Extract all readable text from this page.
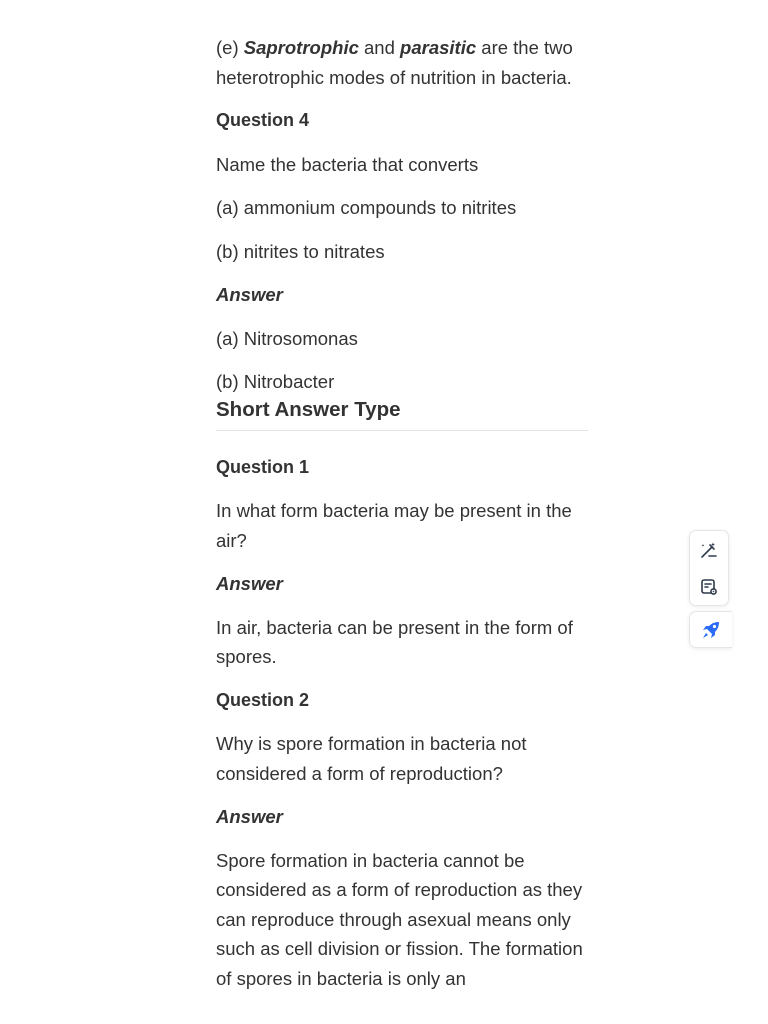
(e) Saprotrophic and parasitic are the two heterotrophic modes of nutrition in bacteria.

Question 4

Name the bacteria that converts

(a) ammonium compounds to nitrites

(b) nitrites to nitrates

Answer

(a) Nitrosomonas

(b) Nitrobacter

Short Answer Type

Question 1

In what form bacteria may be present in the air?

Answer

In air, bacteria can be present in the form of spores.

Question 2

Why is spore formation in bacteria not considered a form of reproduction?

Answer

Spore formation in bacteria cannot be considered as a form of reproduction as they can reproduce through asexual means only such as cell division or fission. The formation of spores in bacteria is only an
